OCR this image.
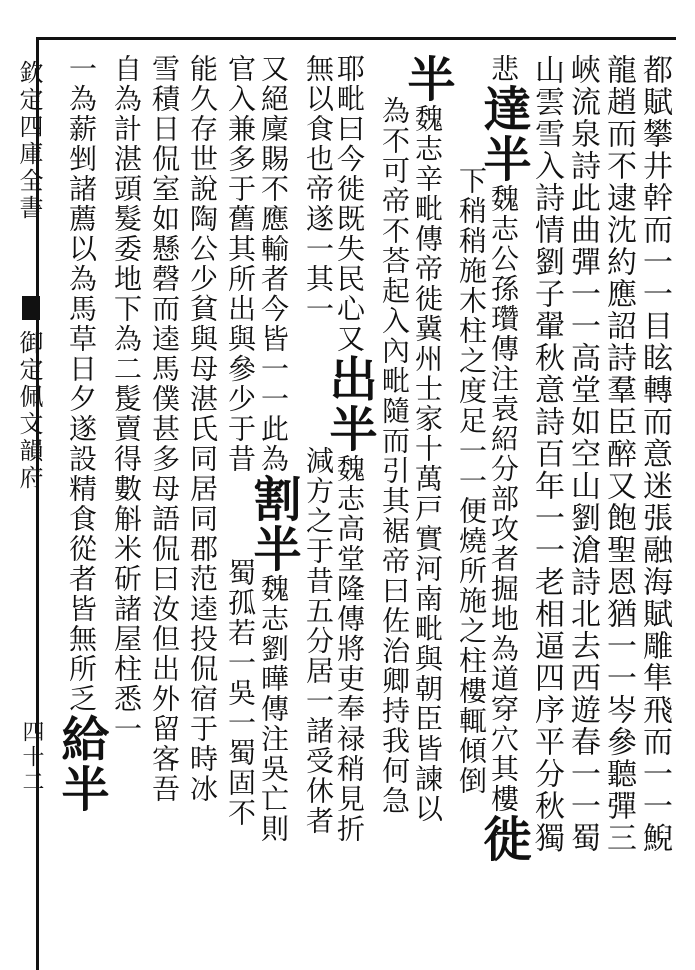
欽定四庫全書
御定佩文韻府
四十二	都賦攀井幹而一一目眩轉而意迷張融海賦雕隼飛而一一鯢
龍趙而不逮沈約應詔詩羣臣醉又飽聖恩猶一一岑參聽彈三
峽流泉詩此曲彈一一高堂如空山劉滄詩北去西遊春一一蜀
山雲雪入詩情劉子翬秋意詩百年一一老相逼四序平分秋獨
悲達半魏志公孫瓚傳注袁紹分部攻者掘地為道穿穴其樓徙
下稍稍施木柱之度足一一便燒所施之柱樓輒傾倒
半魏志辛毗傳帝徙冀州士家十萬戸實河南毗與朝臣皆諫以
為不可帝不荅起入內毗隨而引其裾帝曰佐治卿持我何急
耶毗曰今徙既失民心又出半魏志高堂隆傳將吏奉禄稍見折
無以食也帝遂一其一減方之于昔五分居一諸受休者
又絕廩賜不應輸者今皆一一此為割半魏志劉曄傳注吳亡則
官入兼多于舊其所出與參少于昔蜀孤若一吳一蜀固不
能久存世說陶公少貧與母湛氏同居同郡范逵投侃宿于時冰
雪積日侃室如懸磬而逵馬僕甚多母語侃曰汝但出外留客吾
自為計湛頭髮委地下為二髲賣得數斛米斫諸屋柱悉一
一為薪剉諸薦以為馬草日夕遂設精食從者皆無所乏給半
